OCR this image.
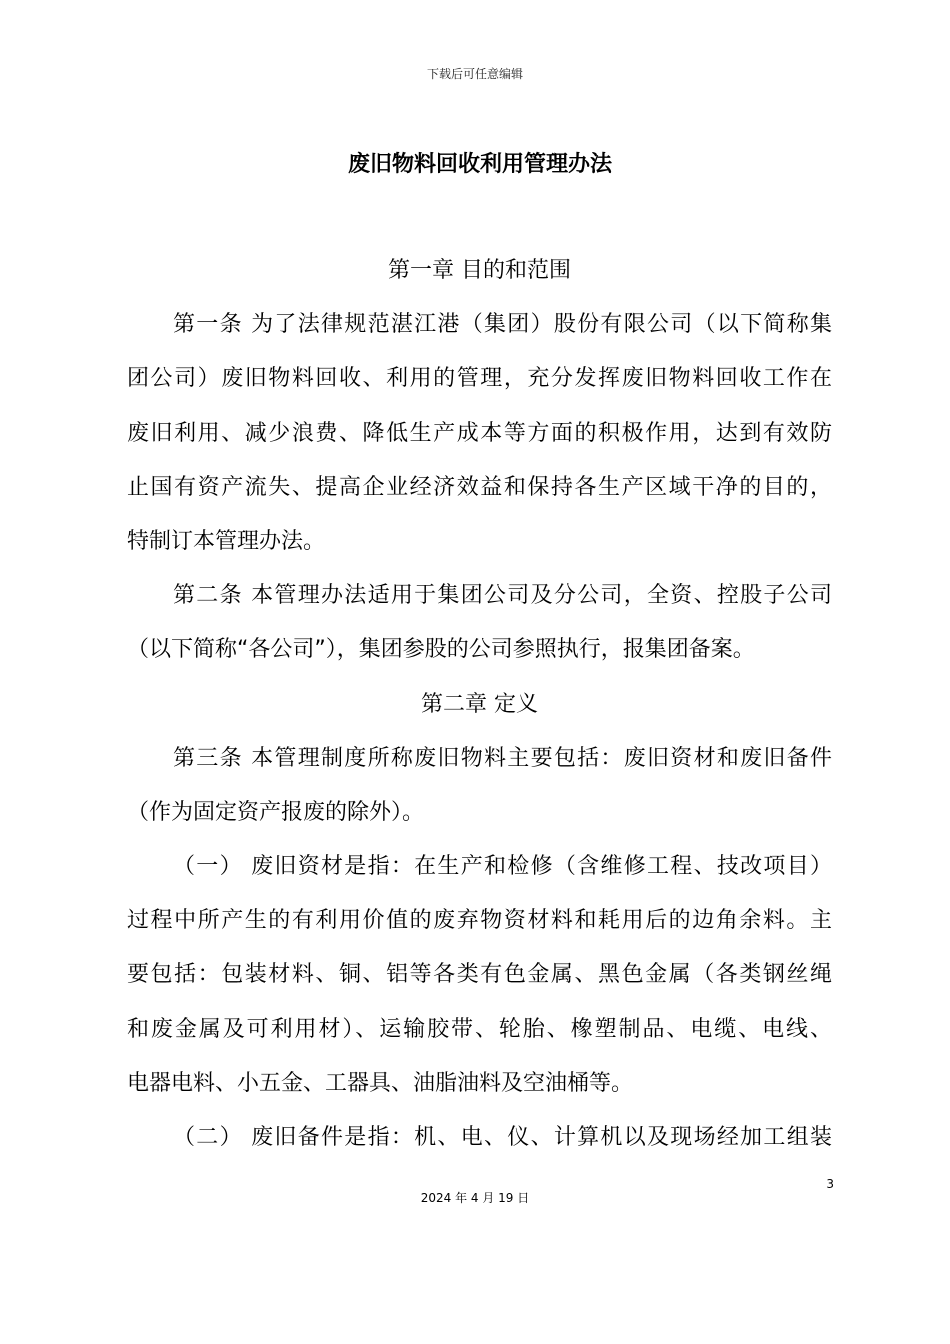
下载后可任意编辑
废旧物料回收利用管理办法
第一章 目的和范围
第一条 为了法律规范湛江港（集团）股份有限公司（以下简称集
团公司）废旧物料回收、利用的管理，充分发挥废旧物料回收工作在
废旧利用、减少浪费、降低生产成本等方面的积极作用，达到有效防
止国有资产流失、提高企业经济效益和保持各生产区域干净的目的，
特制订本管理办法。
第二条 本管理办法适用于集团公司及分公司，全资、控股子公司
（以下简称“各公司”），集团参股的公司参照执行，报集团备案。
第二章 定义
第三条 本管理制度所称废旧物料主要包括：废旧资材和废旧备件
（作为固定资产报废的除外）。
（一） 废旧资材是指：在生产和检修（含维修工程、技改项目）
过程中所产生的有利用价值的废弃物资材料和耗用后的边角余料。主
要包括：包装材料、铜、铝等各类有色金属、黑色金属（各类钢丝绳
和废金属及可利用材）、运输胶带、轮胎、橡塑制品、电缆、电线、
电器电料、小五金、工器具、油脂油料及空油桶等。
（二） 废旧备件是指：机、电、仪、计算机以及现场经加工组装
3
2024 年 4 月 19 日
